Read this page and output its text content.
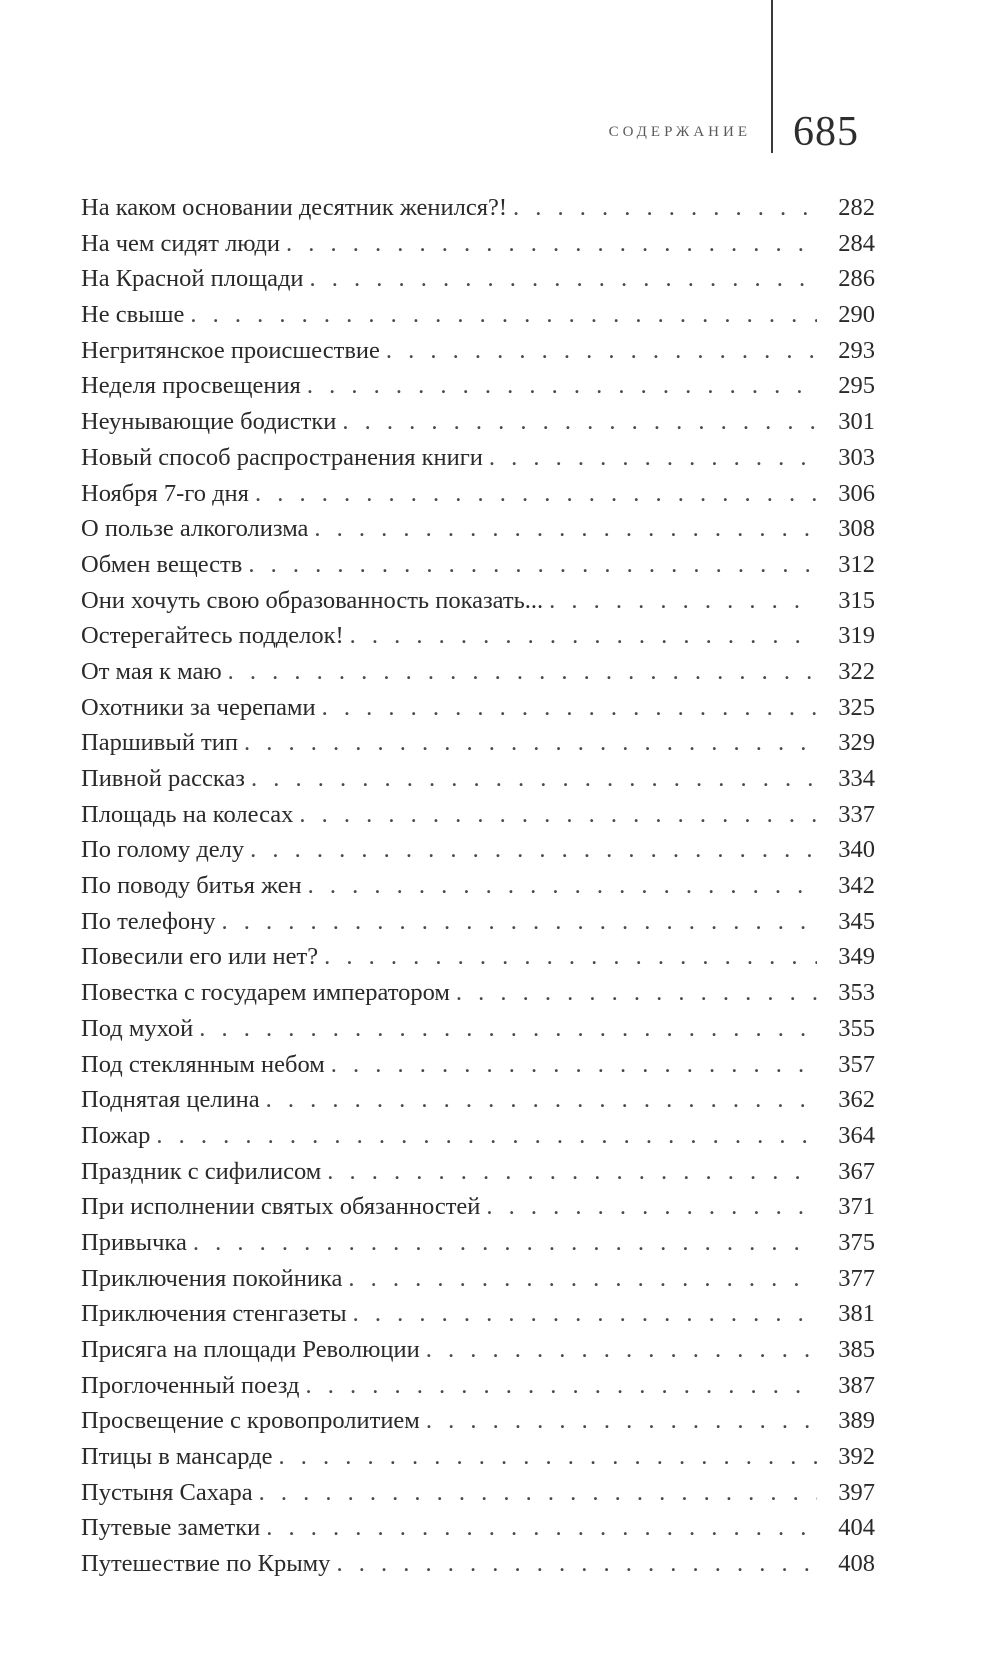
СОДЕРЖАНИЕ 685
На каком основании десятник женился?! . . .	282
На чем сидят люди . . .	284
На Красной площади . . .	286
Не свыше . . .	290
Негритянское происшествие . . .	293
Неделя просвещения . . .	295
Неунывающие бодистки . . .	301
Новый способ распространения книги . . .	303
Ноября 7-го дня . . .	306
О пользе алкоголизма . . .	308
Обмен веществ . . .	312
Они хочуть свою образованность показать... . . .	315
Остерегайтесь подделок! . . .	319
От мая к маю . . .	322
Охотники за черепами . . .	325
Паршивый тип . . .	329
Пивной рассказ . . .	334
Площадь на колесах . . .	337
По голому делу . . .	340
По поводу битья жен . . .	342
По телефону . . .	345
Повесили его или нет? . . .	349
Повестка с государем императором . . .	353
Под мухой . . .	355
Под стеклянным небом . . .	357
Поднятая целина . . .	362
Пожар . . .	364
Праздник с сифилисом . . .	367
При исполнении святых обязанностей . . .	371
Привычка . . .	375
Приключения покойника . . .	377
Приключения стенгазеты . . .	381
Присяга на площади Революции . . .	385
Проглоченный поезд . . .	387
Просвещение с кровопролитием . . .	389
Птицы в мансарде . . .	392
Пустыня Сахара . . .	397
Путевые заметки . . .	404
Путешествие по Крыму . . .	408
